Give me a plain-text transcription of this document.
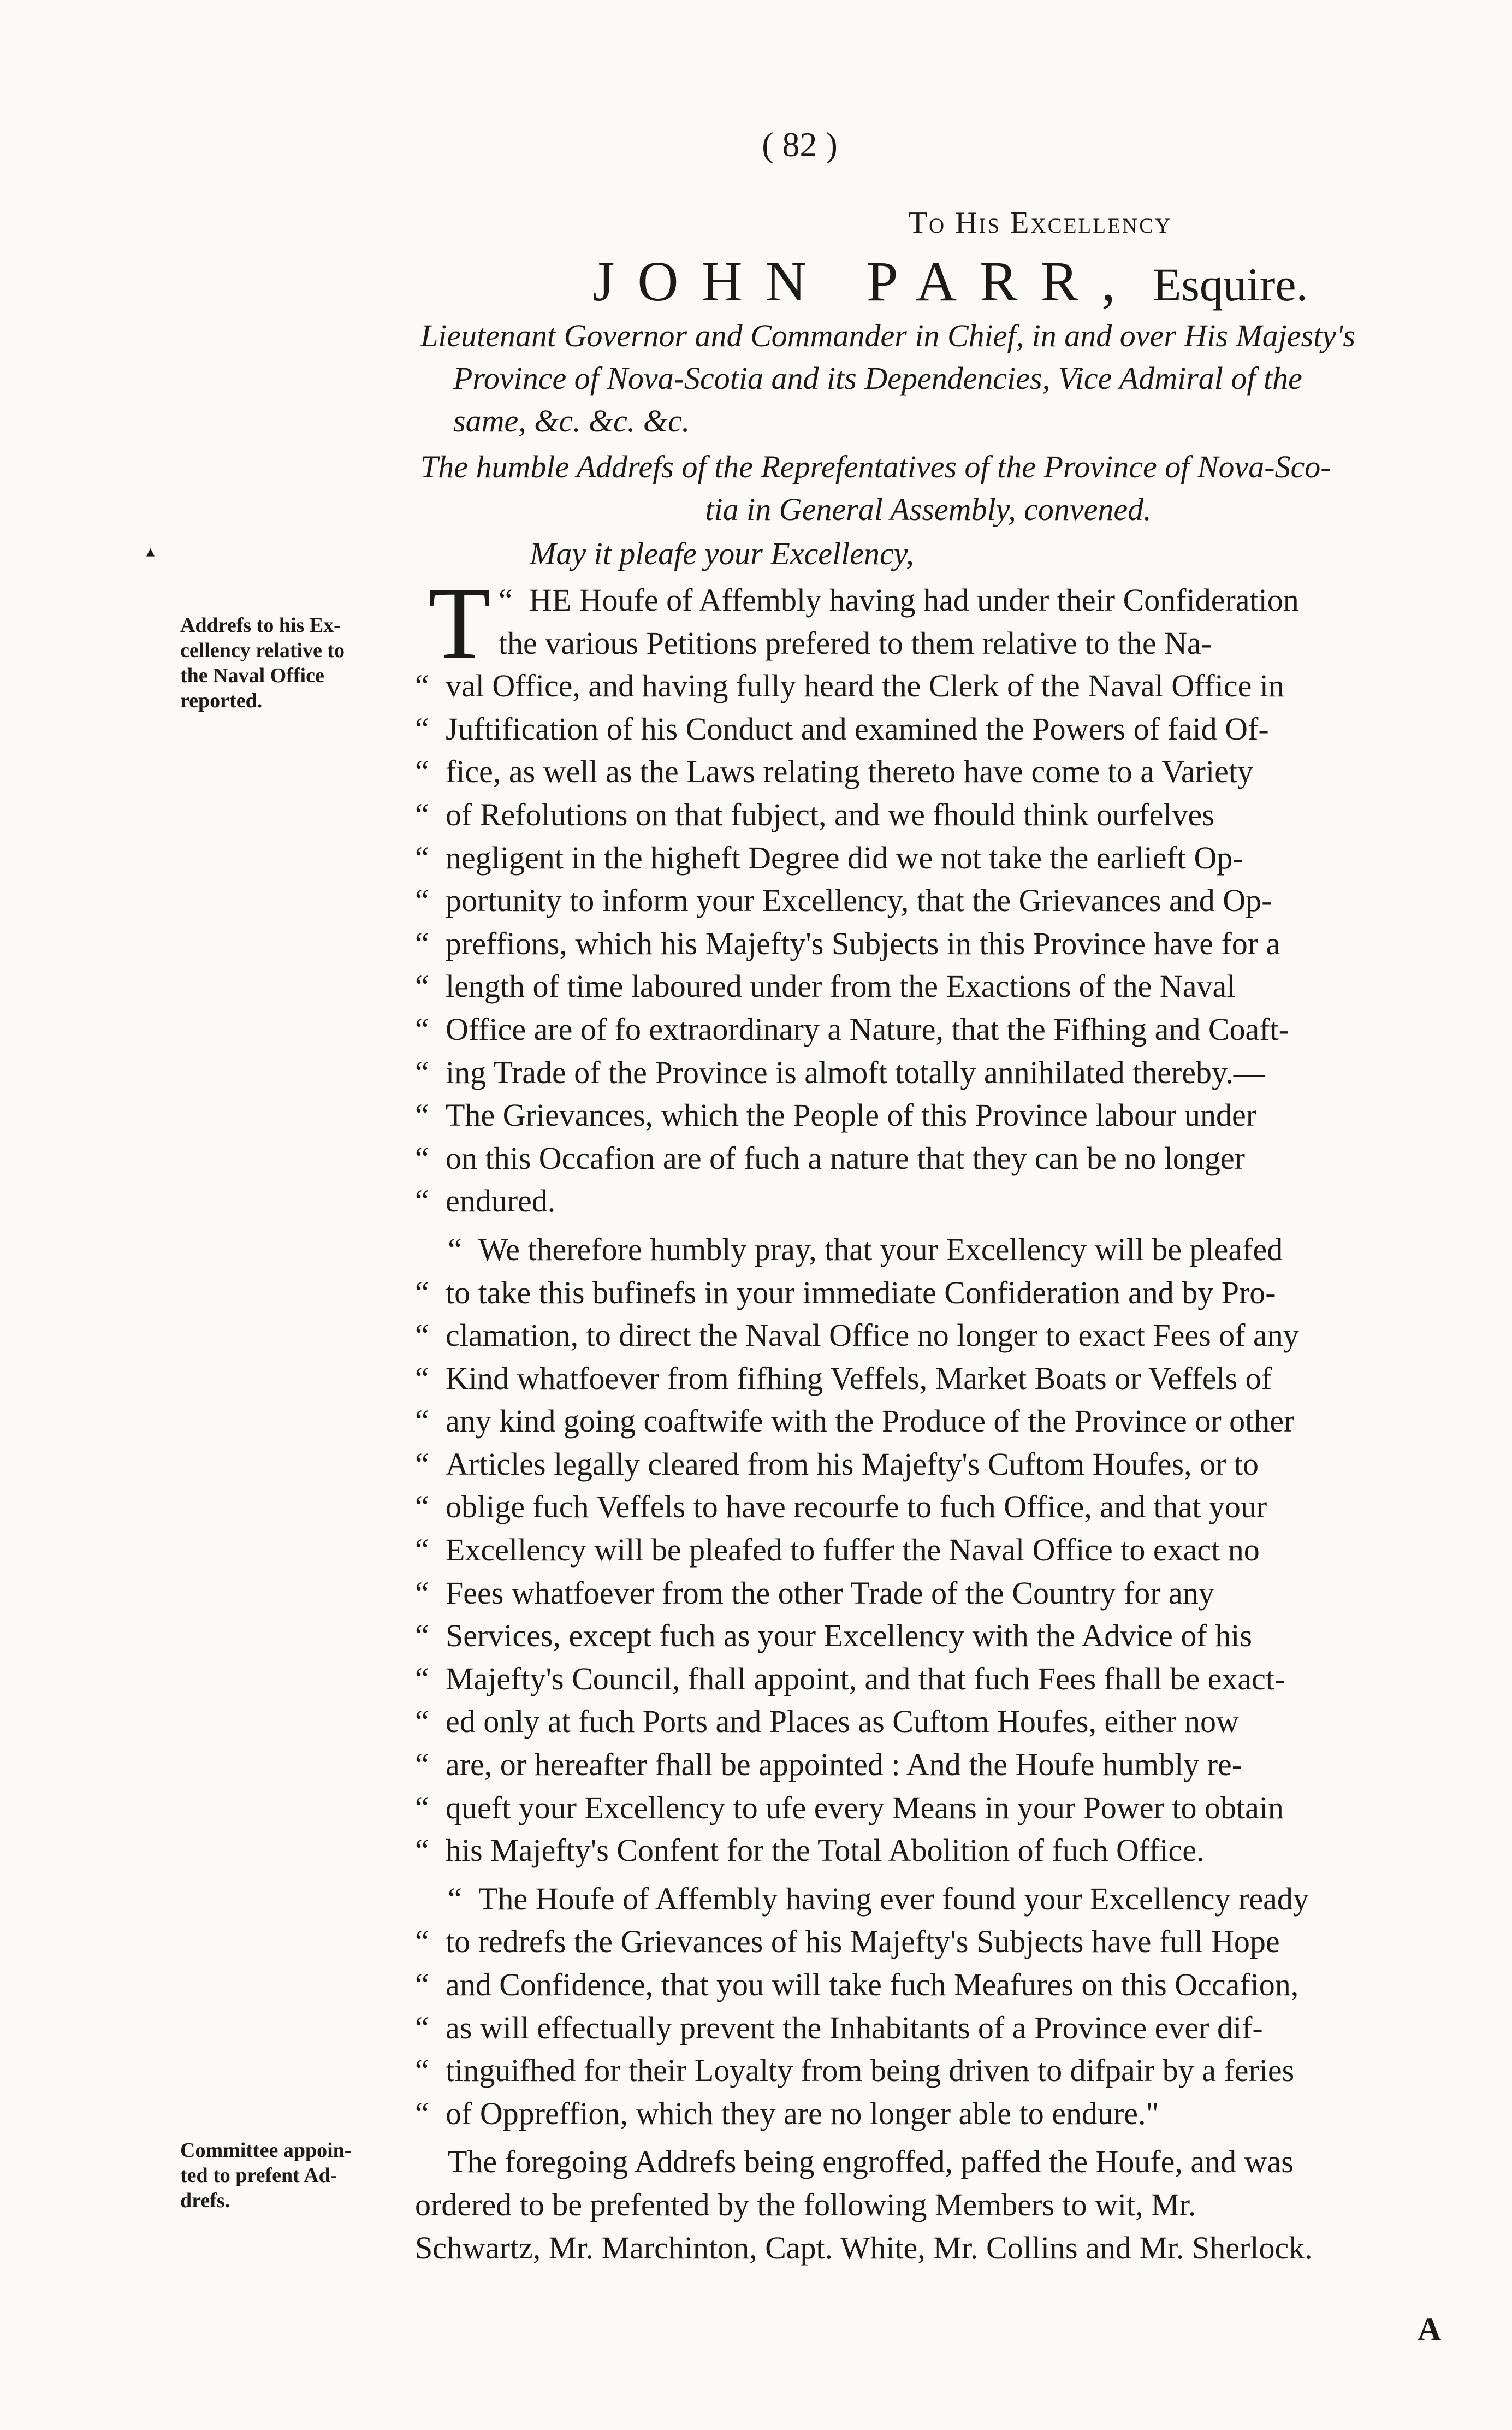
( 82 )
To His Excellency
JOHN PARR, Esquire.

Lieutenant Governor and Commander in Chief, in and over His Majesty's

Province of Nova-Scotia and its Dependencies, Vice Admiral of the

same, &c. &c. &c.

The humble Addrefs of the Reprefentatives of the Province of Nova-Sco-

tia in General Assembly, convened.

May it pleafe your Excellency,
▴

Addrefs to his Ex-

cellency relative to

the Naval Office

reported.

Committee appoin-

ted to prefent Ad-

drefs.

“
T HE Houfe of Affembly having had under their Confideration

the various Petitions prefered to them relative to the Na-

“ val Office, and having fully heard the Clerk of the Naval Office in

“ Juftification of his Conduct and examined the Powers of faid Of-

“ fice, as well as the Laws relating thereto have come to a Variety

“ of Refolutions on that fubject, and we fhould think ourfelves

“ negligent in the higheft Degree did we not take the earlieft Op-

“ portunity to inform your Excellency, that the Grievances and Op-

“ preffions, which his Majefty's Subjects in this Province have for a

“ length of time laboured under from the Exactions of the Naval

“ Office are of fo extraordinary a Nature, that the Fifhing and Coaft-

“ ing Trade of the Province is almoft totally annihilated thereby.—

“ The Grievances, which the People of this Province labour under

“ on this Occafion are of fuch a nature that they can be no longer

“ endured.

“ We therefore humbly pray, that your Excellency will be pleafed

“ to take this bufinefs in your immediate Confideration and by Pro-

“ clamation, to direct the Naval Office no longer to exact Fees of any

“ Kind whatfoever from fifhing Veffels, Market Boats or Veffels of

“ any kind going coaftwife with the Produce of the Province or other

“ Articles legally cleared from his Majefty's Cuftom Houfes, or to

“ oblige fuch Veffels to have recourfe to fuch Office, and that your

“ Excellency will be pleafed to fuffer the Naval Office to exact no

“ Fees whatfoever from the other Trade of the Country for any

“ Services, except fuch as your Excellency with the Advice of his

“ Majefty's Council, fhall appoint, and that fuch Fees fhall be exact-

“ ed only at fuch Ports and Places as Cuftom Houfes, either now

“ are, or hereafter fhall be appointed : And the Houfe humbly re-

“ queft your Excellency to ufe every Means in your Power to obtain

“ his Majefty's Confent for the Total Abolition of fuch Office.

“ The Houfe of Affembly having ever found your Excellency ready

“ to redrefs the Grievances of his Majefty's Subjects have full Hope

“ and Confidence, that you will take fuch Meafures on this Occafion,

“ as will effectually prevent the Inhabitants of a Province ever dif-

“ tinguifhed for their Loyalty from being driven to difpair by a feries

“ of Oppreffion, which they are no longer able to endure."

The foregoing Addrefs being engroffed, paffed the Houfe, and was

ordered to be prefented by the following Members to wit, Mr.

Schwartz, Mr. Marchinton, Capt. White, Mr. Collins and Mr. Sherlock.

A
